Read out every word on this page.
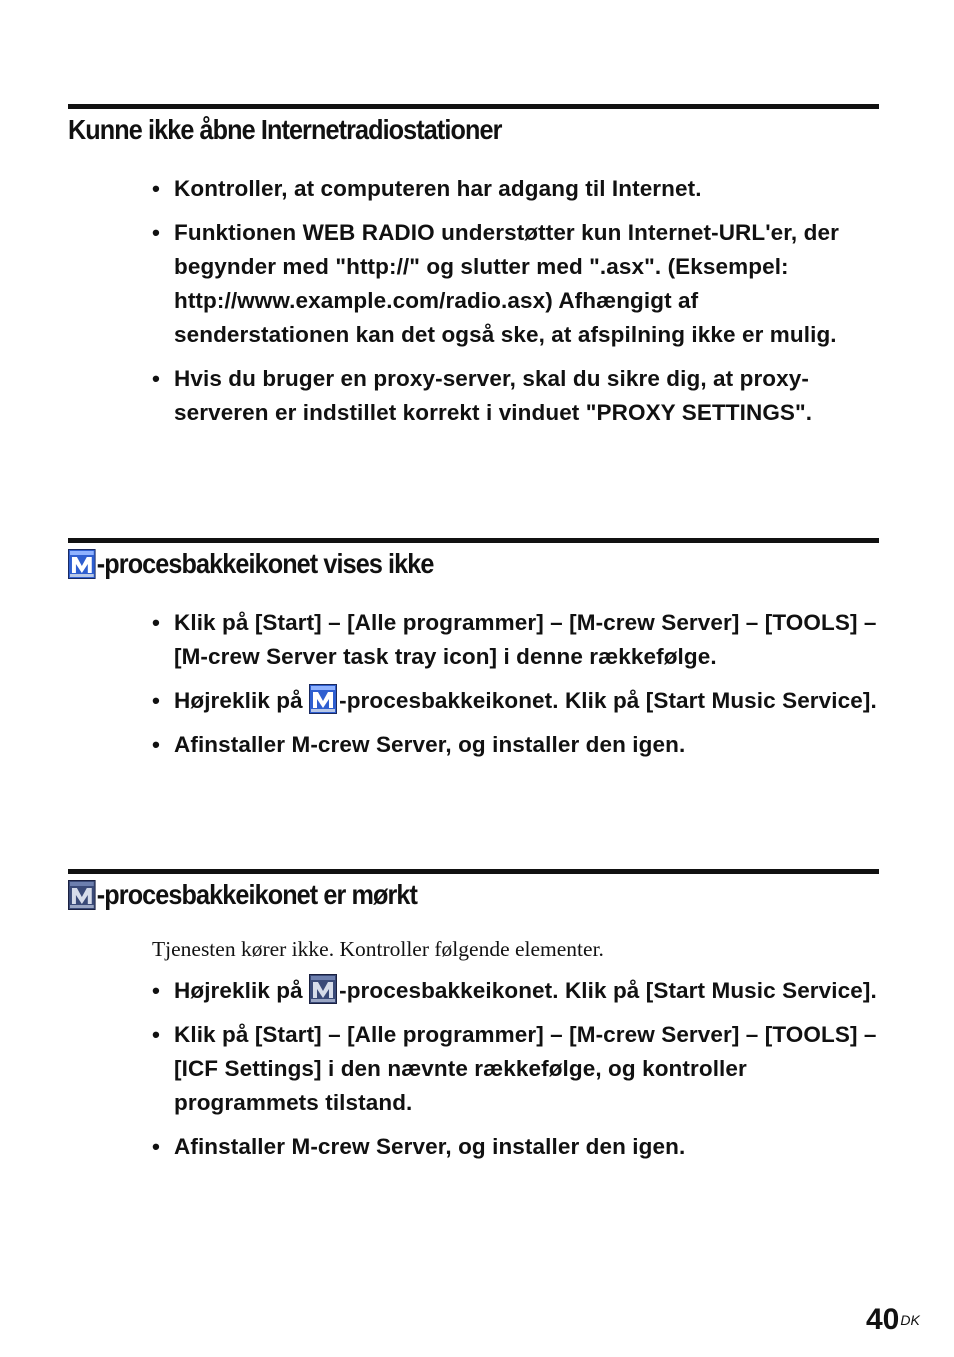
Kunne ikke åbne Internetradiostationer
• Kontroller, at computeren har adgang til Internet.
• Funktionen WEB RADIO understøtter kun Internet-URL'er, der begynder med "http://" og slutter med ".asx". (Eksempel: http://www.example.com/radio.asx) Afhængigt af senderstationen kan det også ske, at afspilning ikke er mulig.
• Hvis du bruger en proxy-server, skal du sikre dig, at proxy-serveren er indstillet korrekt i vinduet "PROXY SETTINGS".
-procesbakkeikonet vises ikke
• Klik på [Start] – [Alle programmer] – [M-crew Server] – [TOOLS] – [M-crew Server task tray icon] i denne rækkefølge.
• Højreklik på
-procesbakkeikonet. Klik på [Start Music Service].
• Afinstaller M-crew Server, og installer den igen.
-procesbakkeikonet er mørkt

Tjenesten kører ikke. Kontroller følgende elementer.

• Højreklik på
-procesbakkeikonet. Klik på [Start Music Service].
• Klik på [Start] – [Alle programmer] – [M-crew Server] – [TOOLS] – [ICF Settings] i den nævnte rækkefølge, og kontroller programmets tilstand.
• Afinstaller M-crew Server, og installer den igen.
$40^{DK}$
